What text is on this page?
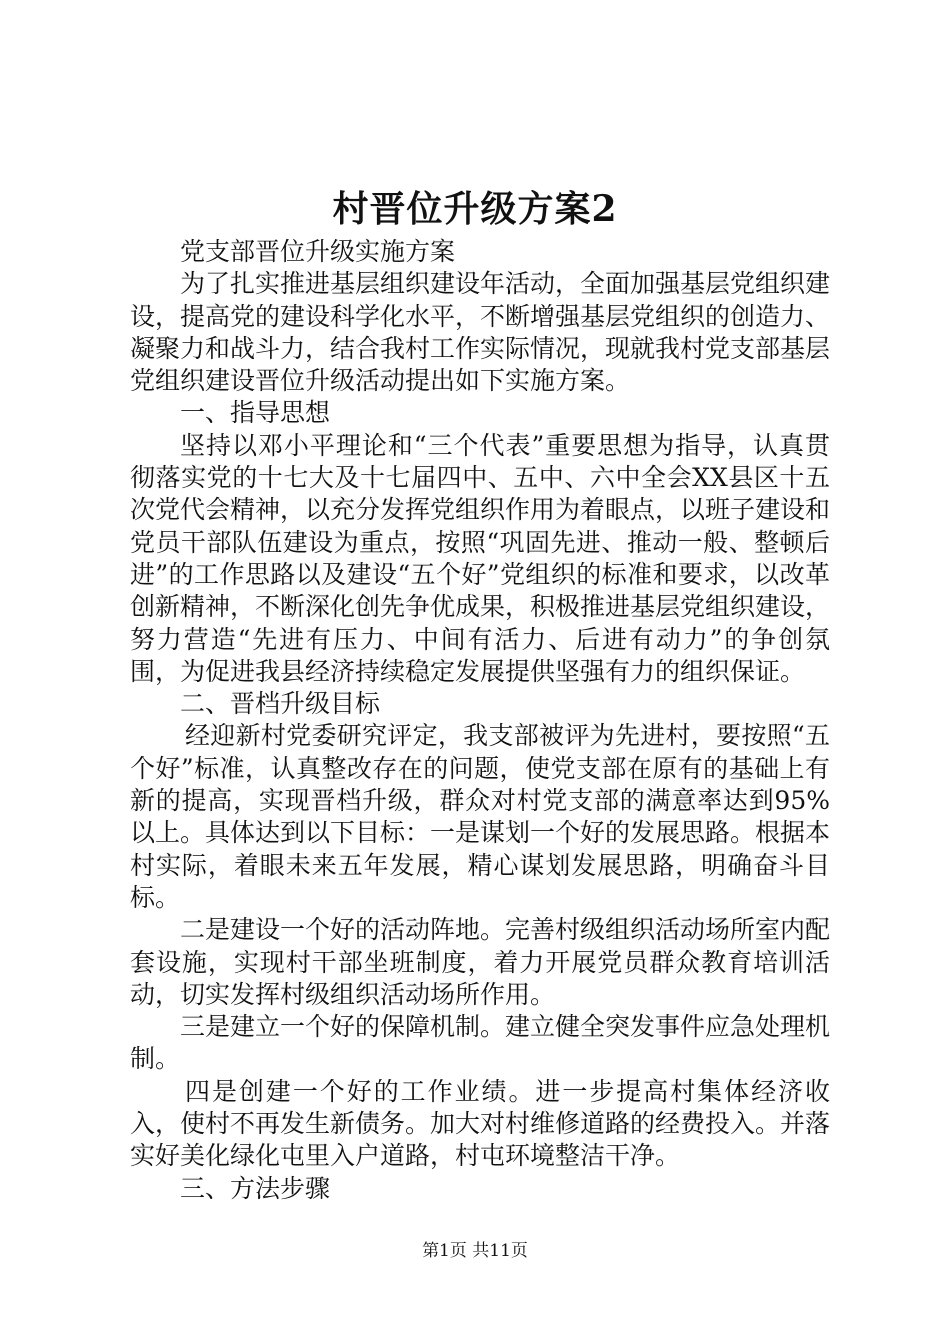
村晋位升级方案2

党支部晋位升级实施方案

为了扎实推进基层组织建设年活动，全面加强基层党组织建设，提高党的建设科学化水平，不断增强基层党组织的创造力、凝聚力和战斗力，结合我村工作实际情况，现就我村党支部基层党组织建设晋位升级活动提出如下实施方案。

一、指导思想

坚持以邓小平理论和“三个代表”重要思想为指导，认真贯彻落实党的十七大及十七届四中、五中、六中全会XX县区十五次党代会精神，以充分发挥党组织作用为着眼点，以班子建设和党员干部队伍建设为重点，按照“巩固先进、推动一般、整顿后进”的工作思路以及建设“五个好”党组织的标准和要求，以改革创新精神，不断深化创先争优成果，积极推进基层党组织建设，努力营造“先进有压力、中间有活力、后进有动力”的争创氛围，为促进我县经济持续稳定发展提供坚强有力的组织保证。

二、晋档升级目标

经迎新村党委研究评定，我支部被评为先进村，要按照“五个好”标准，认真整改存在的问题，使党支部在原有的基础上有新的提高，实现晋档升级，群众对村党支部的满意率达到95%以上。具体达到以下目标：一是谋划一个好的发展思路。根据本村实际，着眼未来五年发展，精心谋划发展思路，明确奋斗目标。

二是建设一个好的活动阵地。完善村级组织活动场所室内配套设施，实现村干部坐班制度，着力开展党员群众教育培训活动，切实发挥村级组织活动场所作用。

三是建立一个好的保障机制。建立健全突发事件应急处理机制。

四是创建一个好的工作业绩。进一步提高村集体经济收入，使村不再发生新债务。加大对村维修道路的经费投入。并落实好美化绿化屯里入户道路，村屯环境整洁干净。

三、方法步骤

第1页 共11页
